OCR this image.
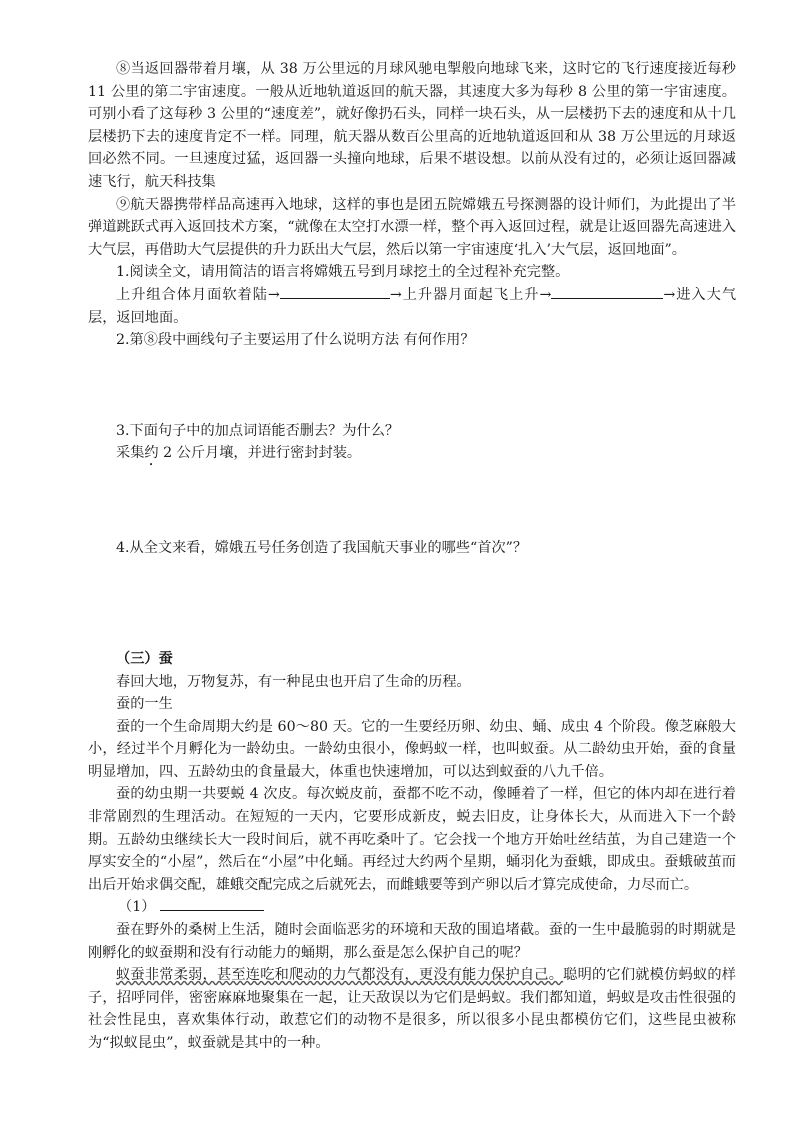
⑧当返回器带着月壤，从 38 万公里远的月球风驰电掣般向地球飞来，这时它的飞行速度接近每秒 11 公里的第二宇宙速度。一般从近地轨道返回的航天器，其速度大多为每秒 8 公里的第一宇宙速度。可别小看了这每秒 3 公里的“速度差”，就好像扔石头，同样一块石头，从一层楼扔下去的速度和从十几层楼扔下去的速度肯定不一样。同理，航天器从数百公里高的近地轨道返回和从 38 万公里远的月球返回必然不同。一旦速度过猛，返回器一头撞向地球，后果不堪设想。以前从没有过的，必须让返回器减速飞行，航天科技集

⑨航天器携带样品高速再入地球，这样的事也是团五院嫦娥五号探测器的设计师们，为此提出了半弹道跳跃式再入返回技术方案，“就像在太空打水漂一样，整个再入返回过程，就是让返回器先高速进入大气层，再借助大气层提供的升力跃出大气层，然后以第一宇宙速度‘扎入’大气层，返回地面”。

1.阅读全文，请用简洁的语言将嫦娥五号到月球挖土的全过程补充完整。

上升组合体月面软着陆→	→上升器月面起飞上升→	→进入大气层，返回地面。

2.第⑧段中画线句子主要运用了什么说明方法 有何作用？

3.下面句子中的加点词语能否删去？为什么？

采集约 2 公斤月壤，并进行密封封装。

4.从全文来看，嫦娥五号任务创造了我国航天事业的哪些“首次”？

（三）蚕

春回大地，万物复苏，有一种昆虫也开启了生命的历程。

蚕的一生

蚕的一个生命周期大约是 60～80 天。它的一生要经历卵、幼虫、蛹、成虫 4 个阶段。像芝麻般大小，经过半个月孵化为一龄幼虫。一龄幼虫很小，像蚂蚁一样，也叫蚁蚕。从二龄幼虫开始，蚕的食量明显增加，四、五龄幼虫的食量最大，体重也快速增加，可以达到蚁蚕的八九千倍。

蚕的幼虫期一共要蜕 4 次皮。每次蜕皮前，蚕都不吃不动，像睡着了一样，但它的体内却在进行着非常剧烈的生理活动。在短短的一天内，它要形成新皮，蜕去旧皮，让身体长大，从而进入下一个龄期。五龄幼虫继续长大一段时间后，就不再吃桑叶了。它会找一个地方开始吐丝结茧，为自己建造一个厚实安全的“小屋”，然后在“小屋”中化蛹。再经过大约两个星期，蛹羽化为蚕蛾，即成虫。蚕蛾破茧而出后开始求偶交配，雄蛾交配完成之后就死去，而雌蛾要等到产卵以后才算完成使命，力尽而亡。

（1）

蚕在野外的桑树上生活，随时会面临恶劣的环境和天敌的围追堵截。蚕的一生中最脆弱的时期就是刚孵化的蚁蚕期和没有行动能力的蛹期，那么蚕是怎么保护自己的呢？

蚁蚕非常柔弱，甚至连吃和爬动的力气都没有，更没有能力保护自己。聪明的它们就模仿蚂蚁的样子，招呼同伴，密密麻麻地聚集在一起，让天敌误以为它们是蚂蚁。我们都知道，蚂蚁是攻击性很强的社会性昆虫，喜欢集体行动，敢惹它们的动物不是很多，所以很多小昆虫都模仿它们，这些昆虫被称为“拟蚁昆虫”，蚁蚕就是其中的一种。
